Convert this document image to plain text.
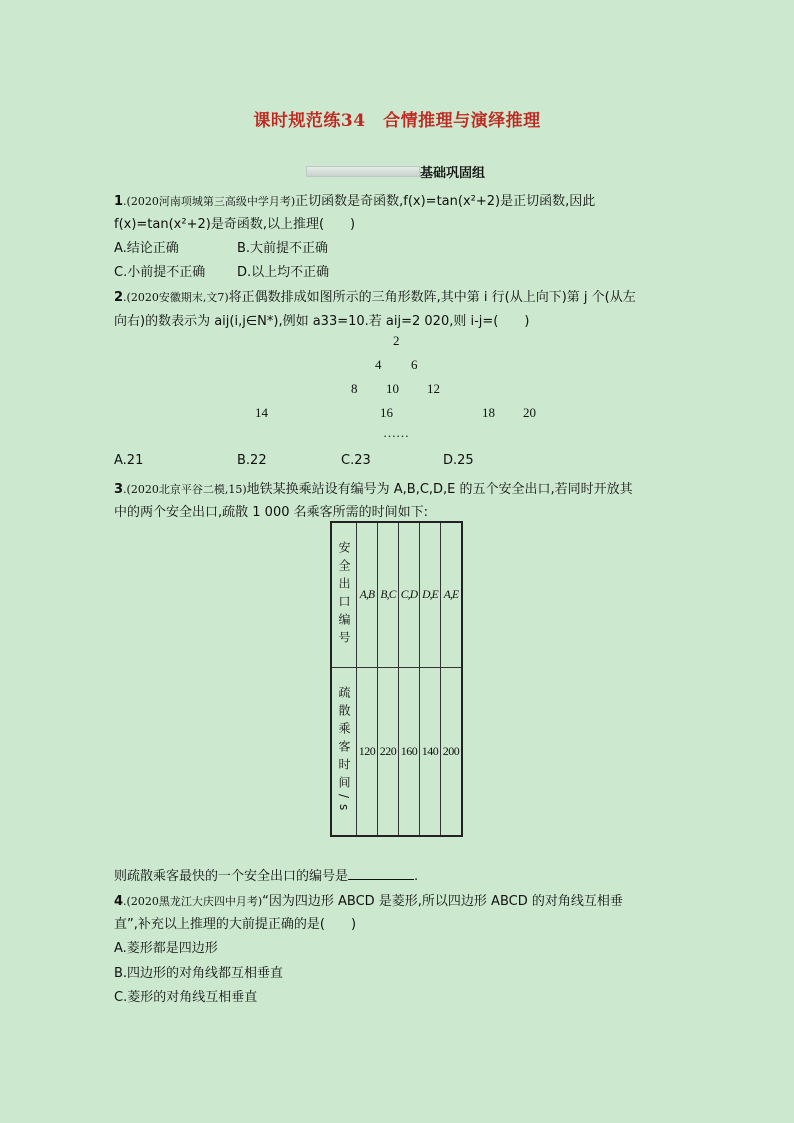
课时规范练34　合情推理与演绎推理
基础巩固组
1.(2020河南项城第三高级中学月考)正切函数是奇函数,f(x)=tan(x²+2)是正切函数,因此
f(x)=tan(x²+2)是奇函数,以上推理(　　)
A.结论正确	B.大前提不正确
C.小前提不正确 D.以上均不正确
2.(2020安徽期末,文7)将正偶数排成如图所示的三角形数阵,其中第 i 行(从上向下)第 j 个(从左
向右)的数表示为 aij(i,j∈N*),例如 a33=10.若 aij=2 020,则 i-j=(　　)
2
4 6
8 10 12
14	16	18 20
……
A.21	B.22	C.23	D.25
3.(2020北京平谷二模,15)地铁某换乘站设有编号为 A,B,C,D,E 的五个安全出口,若同时开放其
中的两个安全出口,疏散 1 000 名乘客所需的时间如下:
安全出口编号	A,B	B,C	C,D	D,E	A,E
疏散乘客时间/s	120	220	160	140	200
则疏散乘客最快的一个安全出口的编号是	.
4.(2020黑龙江大庆四中月考)“因为四边形 ABCD 是菱形,所以四边形 ABCD 的对角线互相垂
直”,补充以上推理的大前提正确的是(　　)
A.菱形都是四边形
B.四边形的对角线都互相垂直
C.菱形的对角线互相垂直
